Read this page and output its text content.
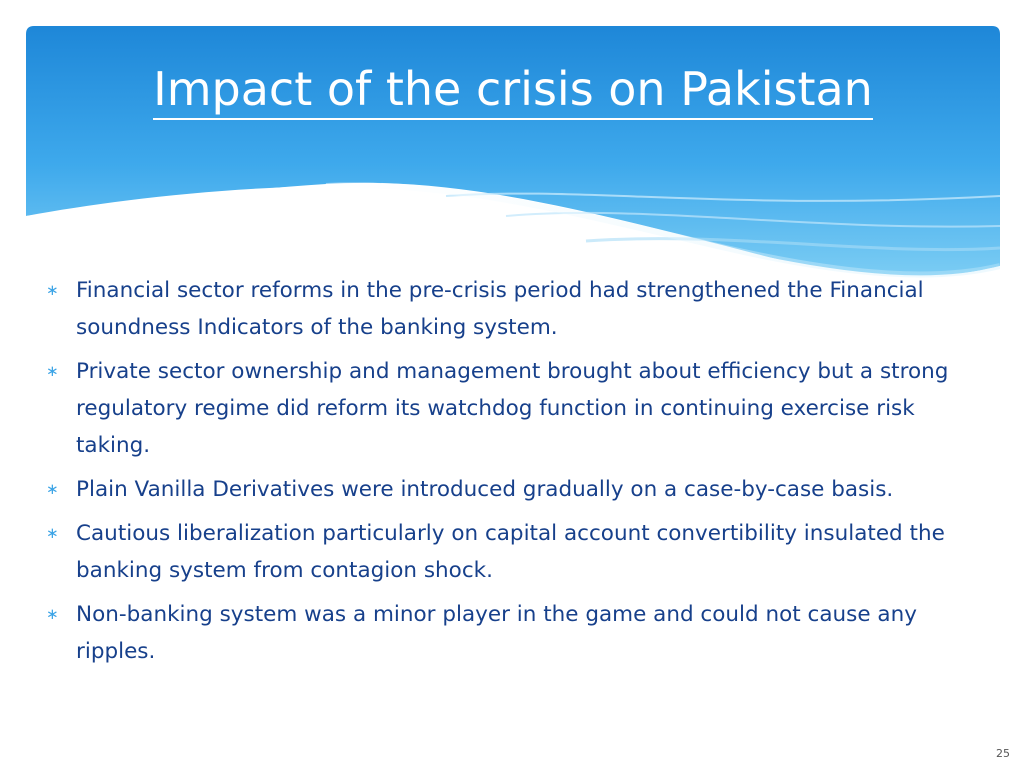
Impact of the crisis on Pakistan
∗ Financial sector reforms in the pre-crisis period had strengthened the Financial soundness Indicators of the banking system.
∗ Private sector ownership and management brought about efficiency but a strong regulatory regime did reform its watchdog function in continuing exercise risk taking.
∗ Plain Vanilla Derivatives were introduced gradually on a case-by-case basis.
∗ Cautious liberalization particularly on capital account convertibility insulated the banking system from contagion shock.
∗ Non-banking system was a minor player in the game and could not cause any ripples.
25
